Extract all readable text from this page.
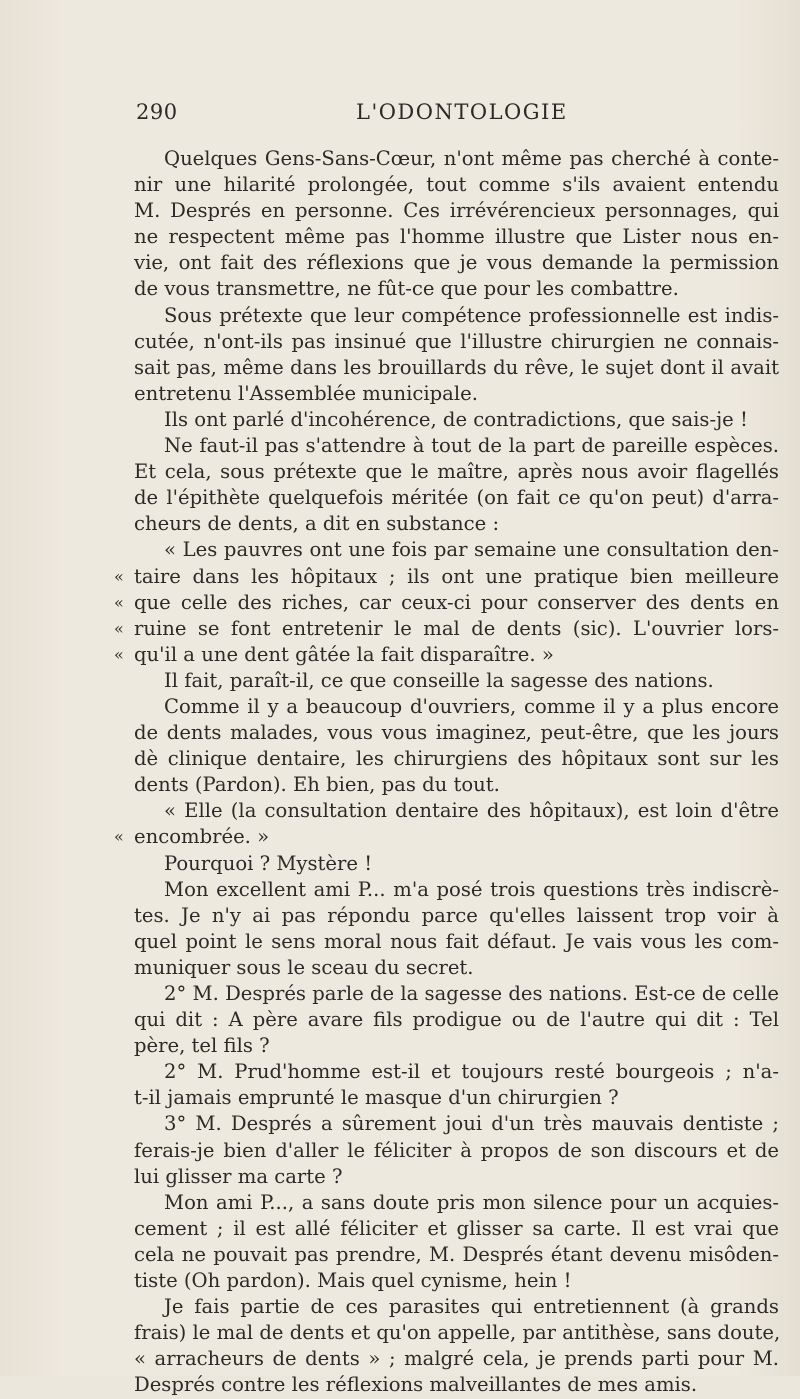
290	L'ODONTOLOGIE
Quelques Gens-Sans-Cœur, n'ont même pas cherché à conte-
nir une hilarité prolongée, tout comme s'ils avaient entendu
M. Després en personne. Ces irrévérencieux personnages, qui
ne respectent même pas l'homme illustre que Lister nous en-
vie, ont fait des réflexions que je vous demande la permission
de vous transmettre, ne fût-ce que pour les combattre.
Sous prétexte que leur compétence professionnelle est indis-
cutée, n'ont-ils pas insinué que l'illustre chirurgien ne connais-
sait pas, même dans les brouillards du rêve, le sujet dont il avait
entretenu l'Assemblée municipale.
Ils ont parlé d'incohérence, de contradictions, que sais-je !
Ne faut-il pas s'attendre à tout de la part de pareille espèces.
Et cela, sous prétexte que le maître, après nous avoir flagellés
de l'épithète quelquefois méritée (on fait ce qu'on peut) d'arra-
cheurs de dents, a dit en substance :
« Les pauvres ont une fois par semaine une consultation den-
« taire dans les hôpitaux ; ils ont une pratique bien meilleure
« que celle des riches, car ceux-ci pour conserver des dents en
« ruine se font entretenir le mal de dents (sic). L'ouvrier lors-
« qu'il a une dent gâtée la fait disparaître. »
Il fait, paraît-il, ce que conseille la sagesse des nations.
Comme il y a beaucoup d'ouvriers, comme il y a plus encore
de dents malades, vous vous imaginez, peut-être, que les jours
dè clinique dentaire, les chirurgiens des hôpitaux sont sur les
dents (Pardon). Eh bien, pas du tout.
« Elle (la consultation dentaire des hôpitaux), est loin d'être
« encombrée. »
Pourquoi ? Mystère !
Mon excellent ami P... m'a posé trois questions très indiscrè-
tes. Je n'y ai pas répondu parce qu'elles laissent trop voir à
quel point le sens moral nous fait défaut. Je vais vous les com-
muniquer sous le sceau du secret.
2° M. Després parle de la sagesse des nations. Est-ce de celle
qui dit : A père avare fils prodigue ou de l'autre qui dit : Tel
père, tel fils ?
2° M. Prud'homme est-il et toujours resté bourgeois ; n'a-
t-il jamais emprunté le masque d'un chirurgien ?
3° M. Després a sûrement joui d'un très mauvais dentiste ;
ferais-je bien d'aller le féliciter à propos de son discours et de
lui glisser ma carte ?
Mon ami P..., a sans doute pris mon silence pour un acquies-
cement ; il est allé féliciter et glisser sa carte. Il est vrai que
cela ne pouvait pas prendre, M. Després étant devenu misôden-
tiste (Oh pardon). Mais quel cynisme, hein !
Je fais partie de ces parasites qui entretiennent (à grands
frais) le mal de dents et qu'on appelle, par antithèse, sans doute,
« arracheurs de dents » ; malgré cela, je prends parti pour M.
Després contre les réflexions malveillantes de mes amis.
